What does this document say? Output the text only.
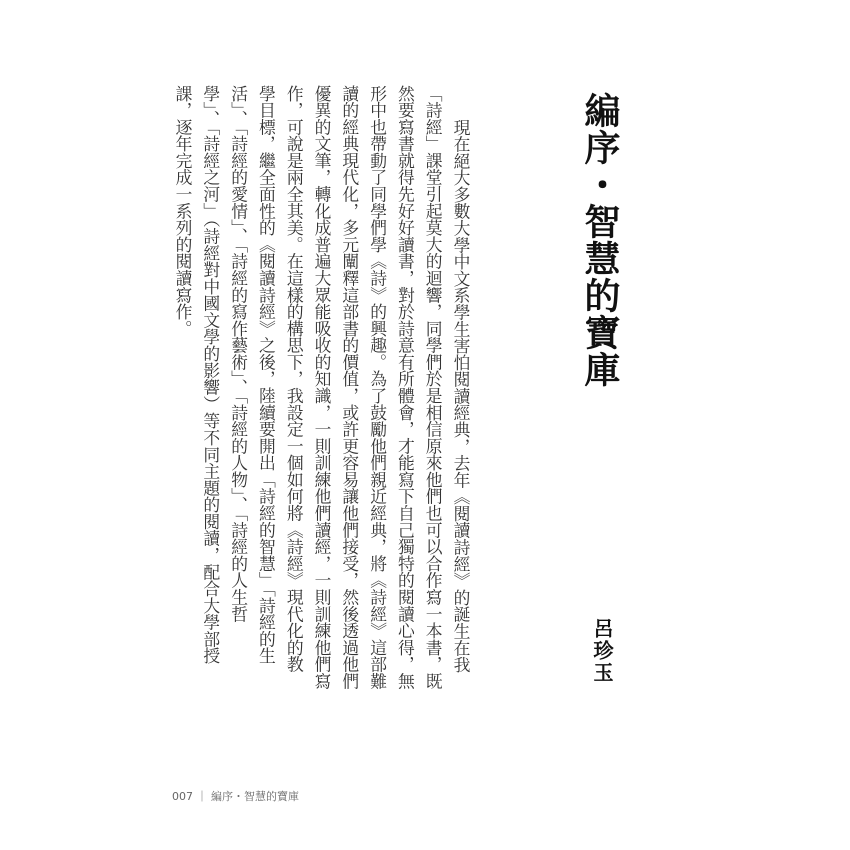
編序・智慧的寶庫
呂珍玉
現在絕大多數大學中文系學生害怕閱讀經典，去年《閱讀詩經》的誕生在我
「詩經」課堂引起莫大的迴響，同學們於是相信原來他們也可以合作寫一本書，既
然要寫書就得先好好讀書，對於詩意有所體會，才能寫下自己獨特的閱讀心得，無
形中也帶動了同學們學《詩》的興趣。為了鼓勵他們親近經典，將《詩經》這部難
讀的經典現代化，多元闡釋這部書的價值，或許更容易讓他們接受，然後透過他們
優異的文筆，轉化成普遍大眾能吸收的知識，一則訓練他們讀經，一則訓練他們寫
作，可說是兩全其美。在這樣的構思下，我設定一個如何將《詩經》現代化的教
學目標，繼全面性的《閱讀詩經》之後，陸續要開出「詩經的智慧」「詩經的生
活」、「詩經的愛情」、「詩經的寫作藝術」、「詩經的人物」、「詩經的人生哲
學」、「詩經之河」（詩經對中國文學的影響）等不同主題的閱讀，配合大學部授
課，逐年完成一系列的閱讀寫作。
007 ｜ 編序・智慧的寶庫
